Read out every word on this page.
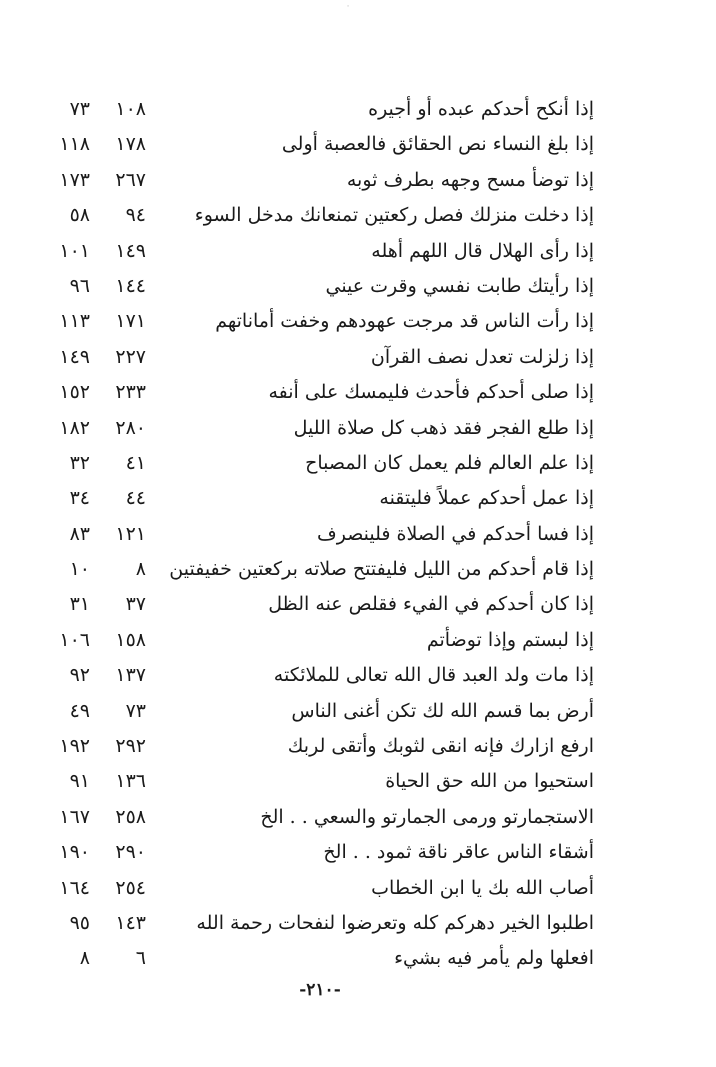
·
إذا أنكح أحدكم عبده أو أجيره
١٠٨
٧٣
إذا بلغ النساء نص الحقائق فالعصبة أولى
١٧٨
١١٨
إذا توضأ مسح وجهه بطرف ثوبه
٢٦٧
١٧٣
إذا دخلت منزلك فصل ركعتين تمنعانك مدخل السوء
٩٤
٥٨
إذا رأى الهلال قال اللهم أهله
١٤٩
١٠١
إذا رأيتك طابت نفسي وقرت عيني
١٤٤
٩٦
إذا رأت الناس قد مرجت عهودهم وخفت أماناتهم
١٧١
١١٣
إذا زلزلت تعدل نصف القرآن
٢٢٧
١٤٩
إذا صلى أحدكم فأحدث فليمسك على أنفه
٢٣٣
١٥٢
إذا طلع الفجر فقد ذهب كل صلاة الليل
٢٨٠
١٨٢
إذا علم العالم فلم يعمل كان المصباح
٤١
٣٢
إذا عمل أحدكم عملاً فليتقنه
٤٤
٣٤
إذا فسا أحدكم في الصلاة فلينصرف
١٢١
٨٣
إذا قام أحدكم من الليل فليفتتح صلاته بركعتين خفيفتين
٨
١٠
إذا كان أحدكم في الفيء فقلص عنه الظل
٣٧
٣١
إذا لبستم وإذا توضأتم
١٥٨
١٠٦
إذا مات ولد العبد قال الله تعالى للملائكته
١٣٧
٩٢
أرض بما قسم الله لك تكن أغنى الناس
٧٣
٤٩
ارفع ازارك فإنه انقى لثوبك وأتقى لربك
٢٩٢
١٩٢
استحيوا من الله حق الحياة
١٣٦
٩١
الاستجمارتو ورمى الجمارتو والسعي . . الخ
٢٥٨
١٦٧
أشقاء الناس عاقر ناقة ثمود . . الخ
٢٩٠
١٩٠
أصاب الله بك يا ابن الخطاب
٢٥٤
١٦٤
اطلبوا الخير دهركم كله وتعرضوا لنفحات رحمة الله
١٤٣
٩٥
افعلها ولم يأمر فيه بشيء
٦
٨
-٢١٠-
